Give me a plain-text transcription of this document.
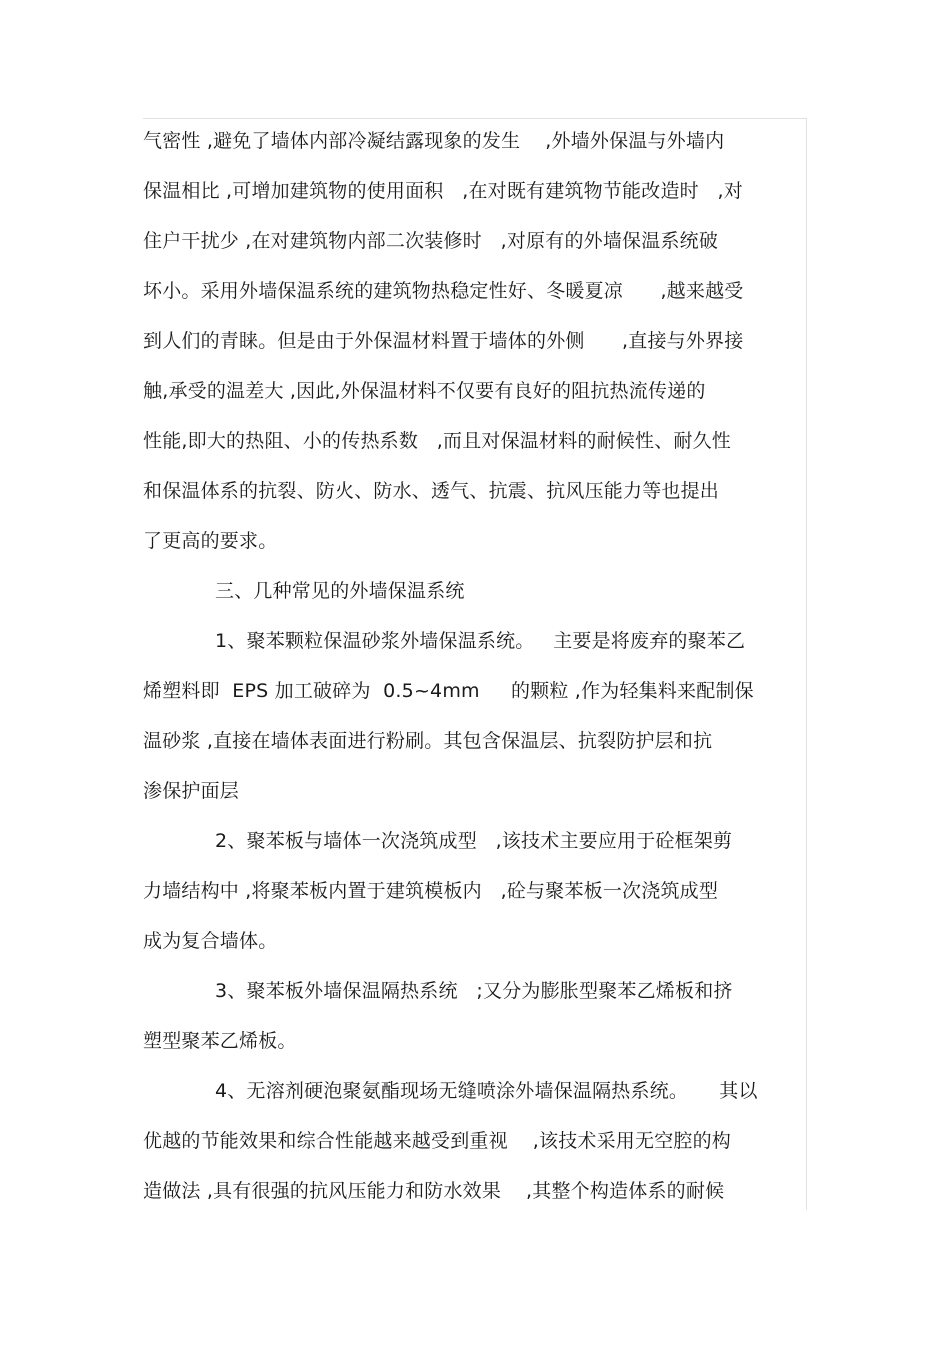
气密性 ,避免了墙体内部冷凝结露现象的发生    ,外墙外保温与外墙内
保温相比 ,可增加建筑物的使用面积   ,在对既有建筑物节能改造时   ,对
住户干扰少 ,在对建筑物内部二次装修时   ,对原有的外墙保温系统破
坏小。采用外墙保温系统的建筑物热稳定性好、冬暖夏凉      ,越来越受
到人们的青睐。但是由于外保温材料置于墙体的外侧      ,直接与外界接
触,承受的温差大 ,因此,外保温材料不仅要有良好的阻抗热流传递的
性能,即大的热阻、小的传热系数   ,而且对保温材料的耐候性、耐久性
和保温体系的抗裂、防火、防水、透气、抗震、抗风压能力等也提出
了更高的要求。
三、几种常见的外墙保温系统
1、聚苯颗粒保温砂浆外墙保温系统。   主要是将废弃的聚苯乙
烯塑料即  EPS 加工破碎为  0.5~4mm     的颗粒 ,作为轻集料来配制保
温砂浆 ,直接在墙体表面进行粉刷。其包含保温层、抗裂防护层和抗
渗保护面层
2、聚苯板与墙体一次浇筑成型   ,该技术主要应用于砼框架剪
力墙结构中 ,将聚苯板内置于建筑模板内   ,砼与聚苯板一次浇筑成型
成为复合墙体。
3、聚苯板外墙保温隔热系统   ;又分为膨胀型聚苯乙烯板和挤
塑型聚苯乙烯板。
4、无溶剂硬泡聚氨酯现场无缝喷涂外墙保温隔热系统。     其以
优越的节能效果和综合性能越来越受到重视    ,该技术采用无空腔的构
造做法 ,具有很强的抗风压能力和防水效果    ,其整个构造体系的耐候
